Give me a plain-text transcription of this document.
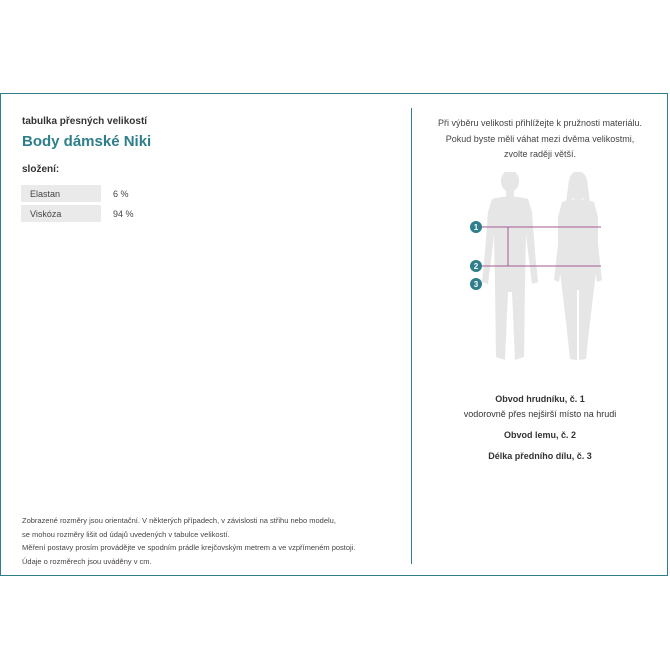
tabulka přesných velikostí
Body dámské Niki
složení:
Elastan	6 %
Viskóza	94 %
Zobrazené rozměry jsou orientační. V některých případech, v závislosti na střihu nebo modelu,
se mohou rozměry lišit od údajů uvedených v tabulce velikostí.
Měření postavy prosím provádějte ve spodním prádle krejčovským metrem a ve vzpřímeném postoji.
Údaje o rozměrech jsou uváděny v cm.
Při výběru velikosti přihlížejte k pružnosti materiálu.
Pokud byste měli váhat mezi dvěma velikostmi,
zvolte raději větší.
1
2
3
Obvod hrudníku, č. 1
vodorovně přes nejširší místo na hrudi
Obvod lemu, č. 2
Délka předního dílu, č. 3
